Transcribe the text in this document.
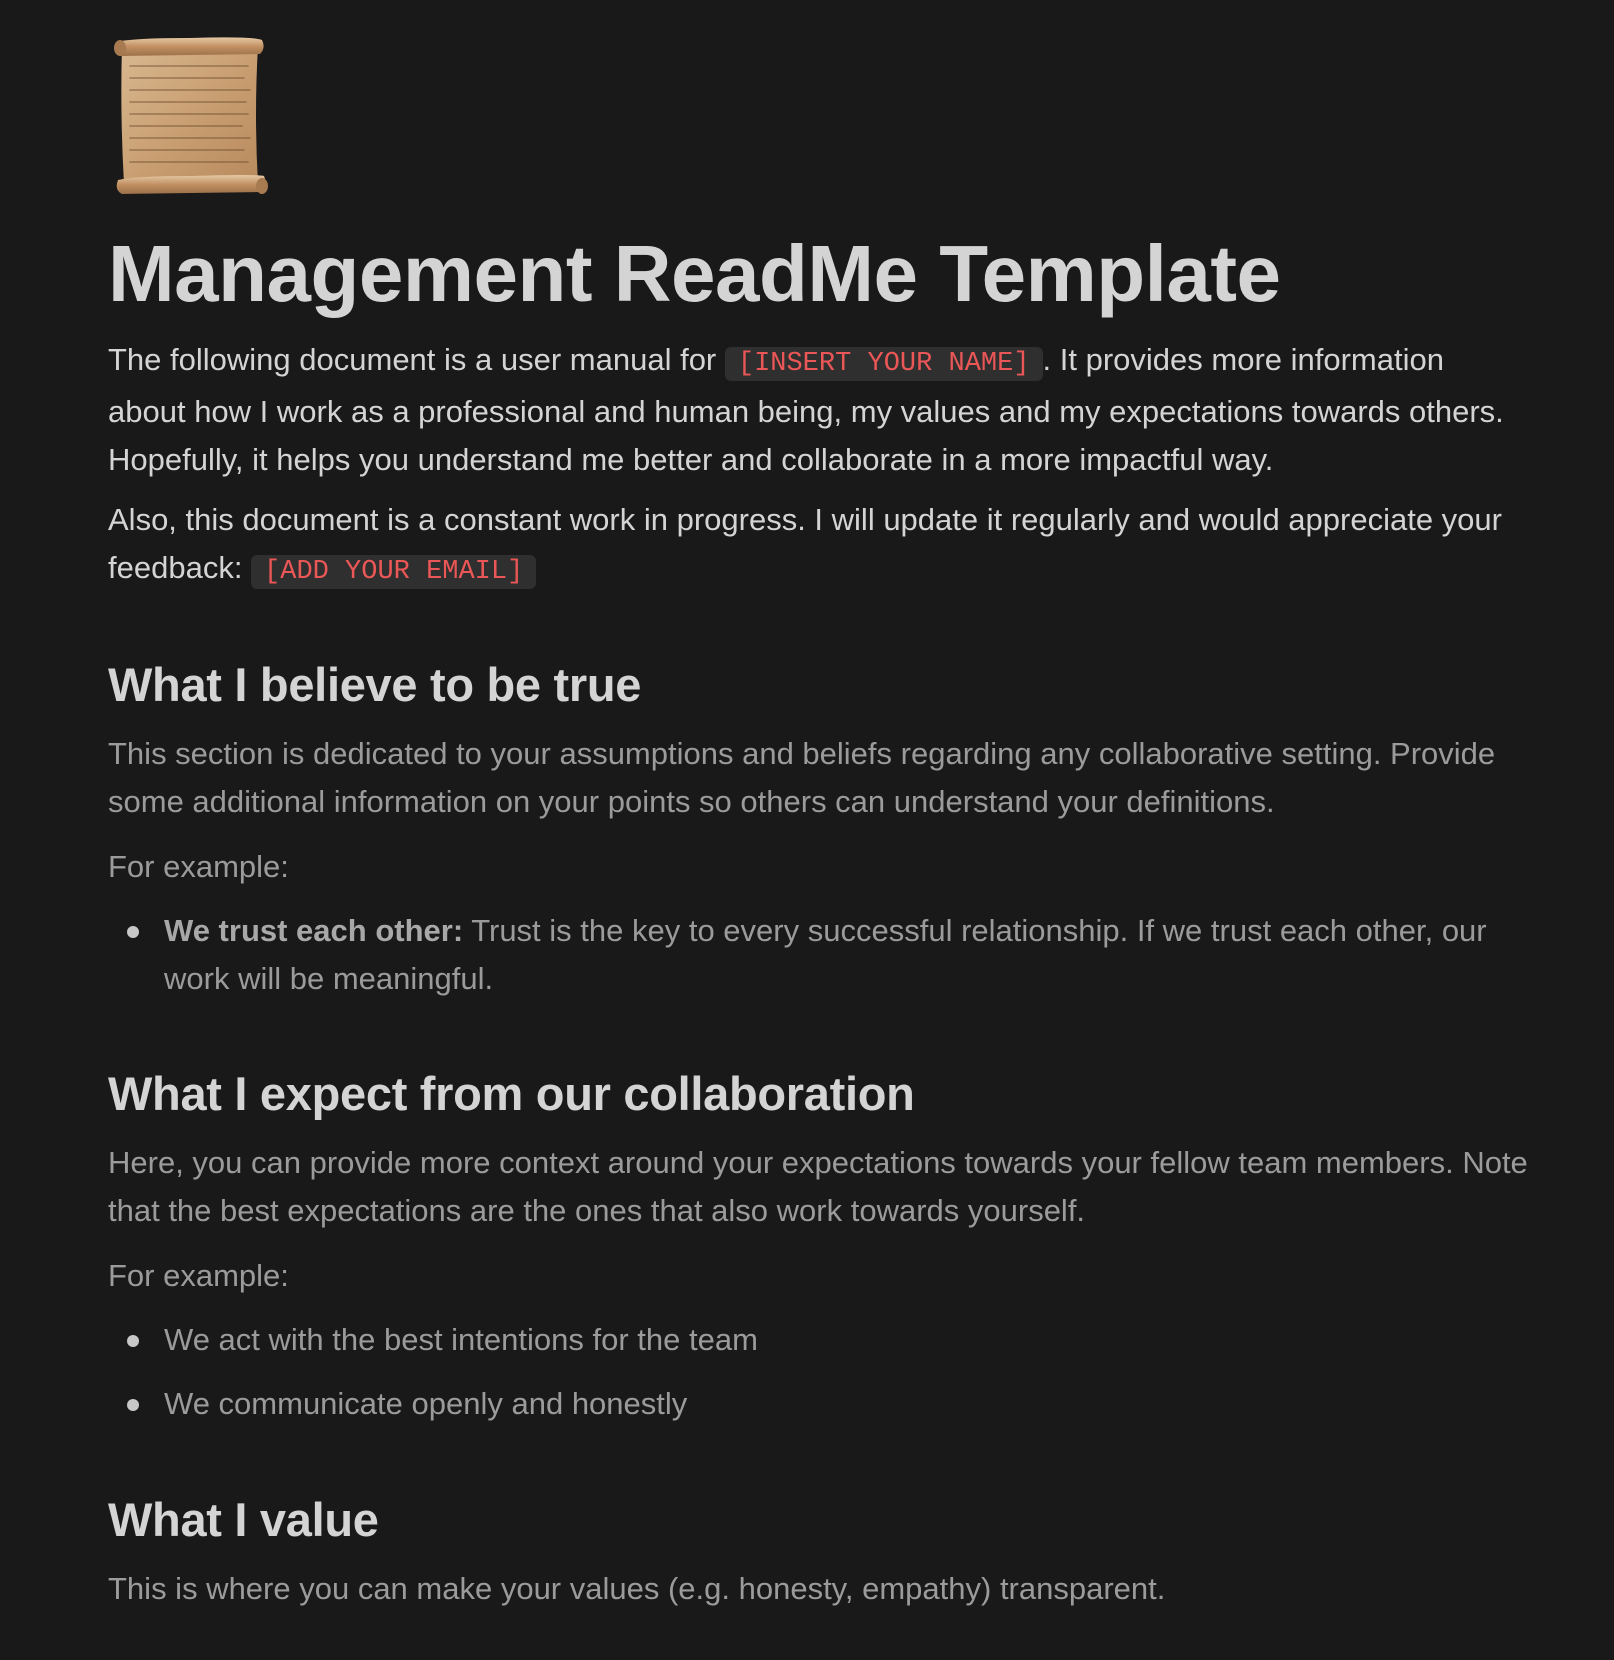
Management ReadMe Template

The following document is a user manual for [INSERT YOUR NAME] . It provides more information about how I work as a professional and human being, my values and my expectations towards others. Hopefully, it helps you understand me better and collaborate in a more impactful way.

Also, this document is a constant work in progress. I will update it regularly and would appreciate your feedback: [ADD YOUR EMAIL]

What I believe to be true

This section is dedicated to your assumptions and beliefs regarding any collaborative setting. Provide some additional information on your points so others can understand your definitions.

For example:

We trust each other: Trust is the key to every successful relationship. If we trust each other, our work will be meaningful.
What I expect from our collaboration

Here, you can provide more context around your expectations towards your fellow team members. Note that the best expectations are the ones that also work towards yourself.

For example:

We act with the best intentions for the team
We communicate openly and honestly
What I value

This is where you can make your values (e.g. honesty, empathy) transparent.
